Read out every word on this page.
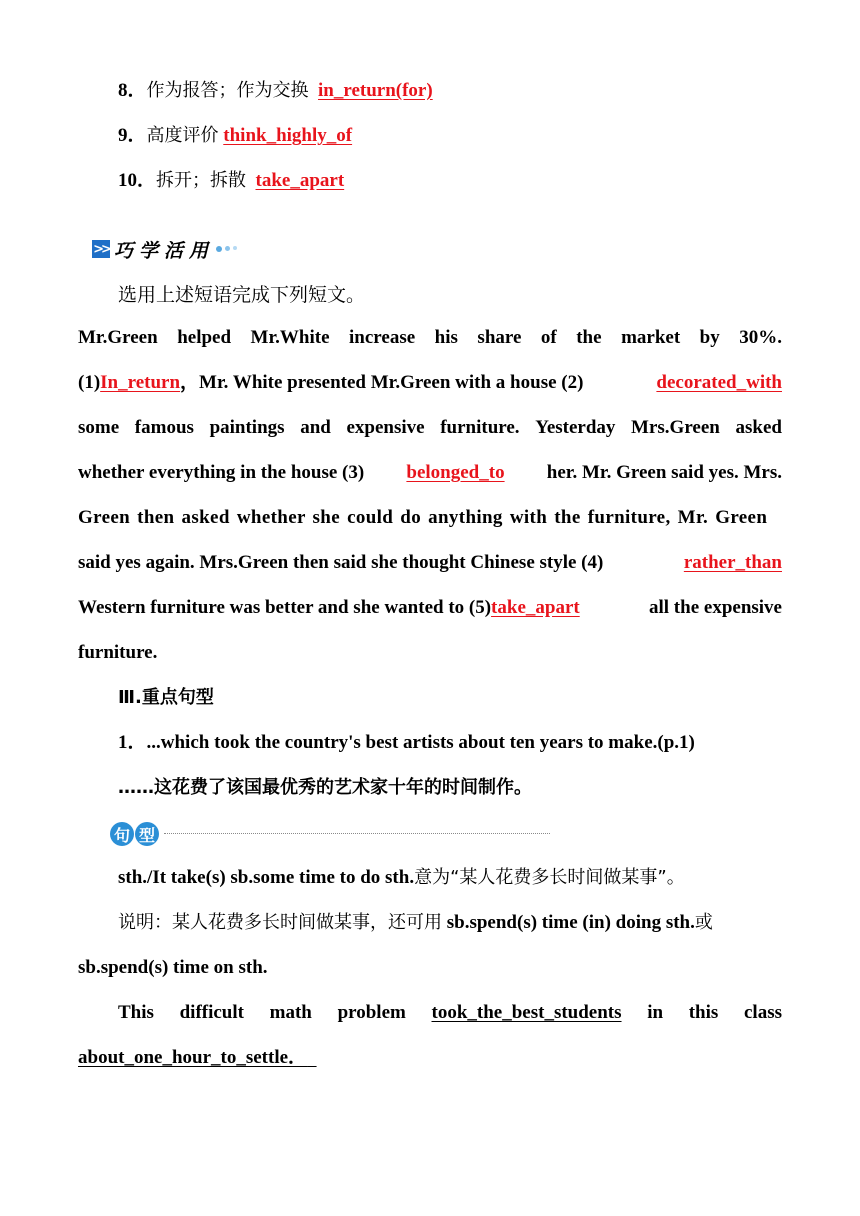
8．作为报答；作为交换 in_return(for)
9．高度评价 think_highly_of
10．拆开；拆散 take_apart
>> 巧学活用
选用上述短语完成下列短文。
Mr.Green helped Mr.White increase his share of the market by 30%.
(1)In_return，Mr. White presented Mr.Green with a house (2)	decorated_with
some famous paintings and expensive furniture. Yesterday Mrs.Green asked
whether everything in the house (3) belonged_to her. Mr. Green said yes. Mrs.
Green then asked whether she could do anything with the furniture, Mr. Green
said yes again. Mrs.Green then said she thought Chinese style (4)	rather_than
Western furniture was better and she wanted to (5)take_apart	all the expensive
furniture.
Ⅲ.重点句型
1．...which took the country's best artists about ten years to make.(p.1)
……这花费了该国最优秀的艺术家十年的时间制作。
句 型
sth./It take(s) sb.some time to do sth.意为“某人花费多长时间做某事”。
说明：某人花费多长时间做某事，还可用 sb.spend(s) time (in) doing sth.或
sb.spend(s) time on sth.
This difficult math problem took_the_best_students in this class
about_one_hour_to_settle．
